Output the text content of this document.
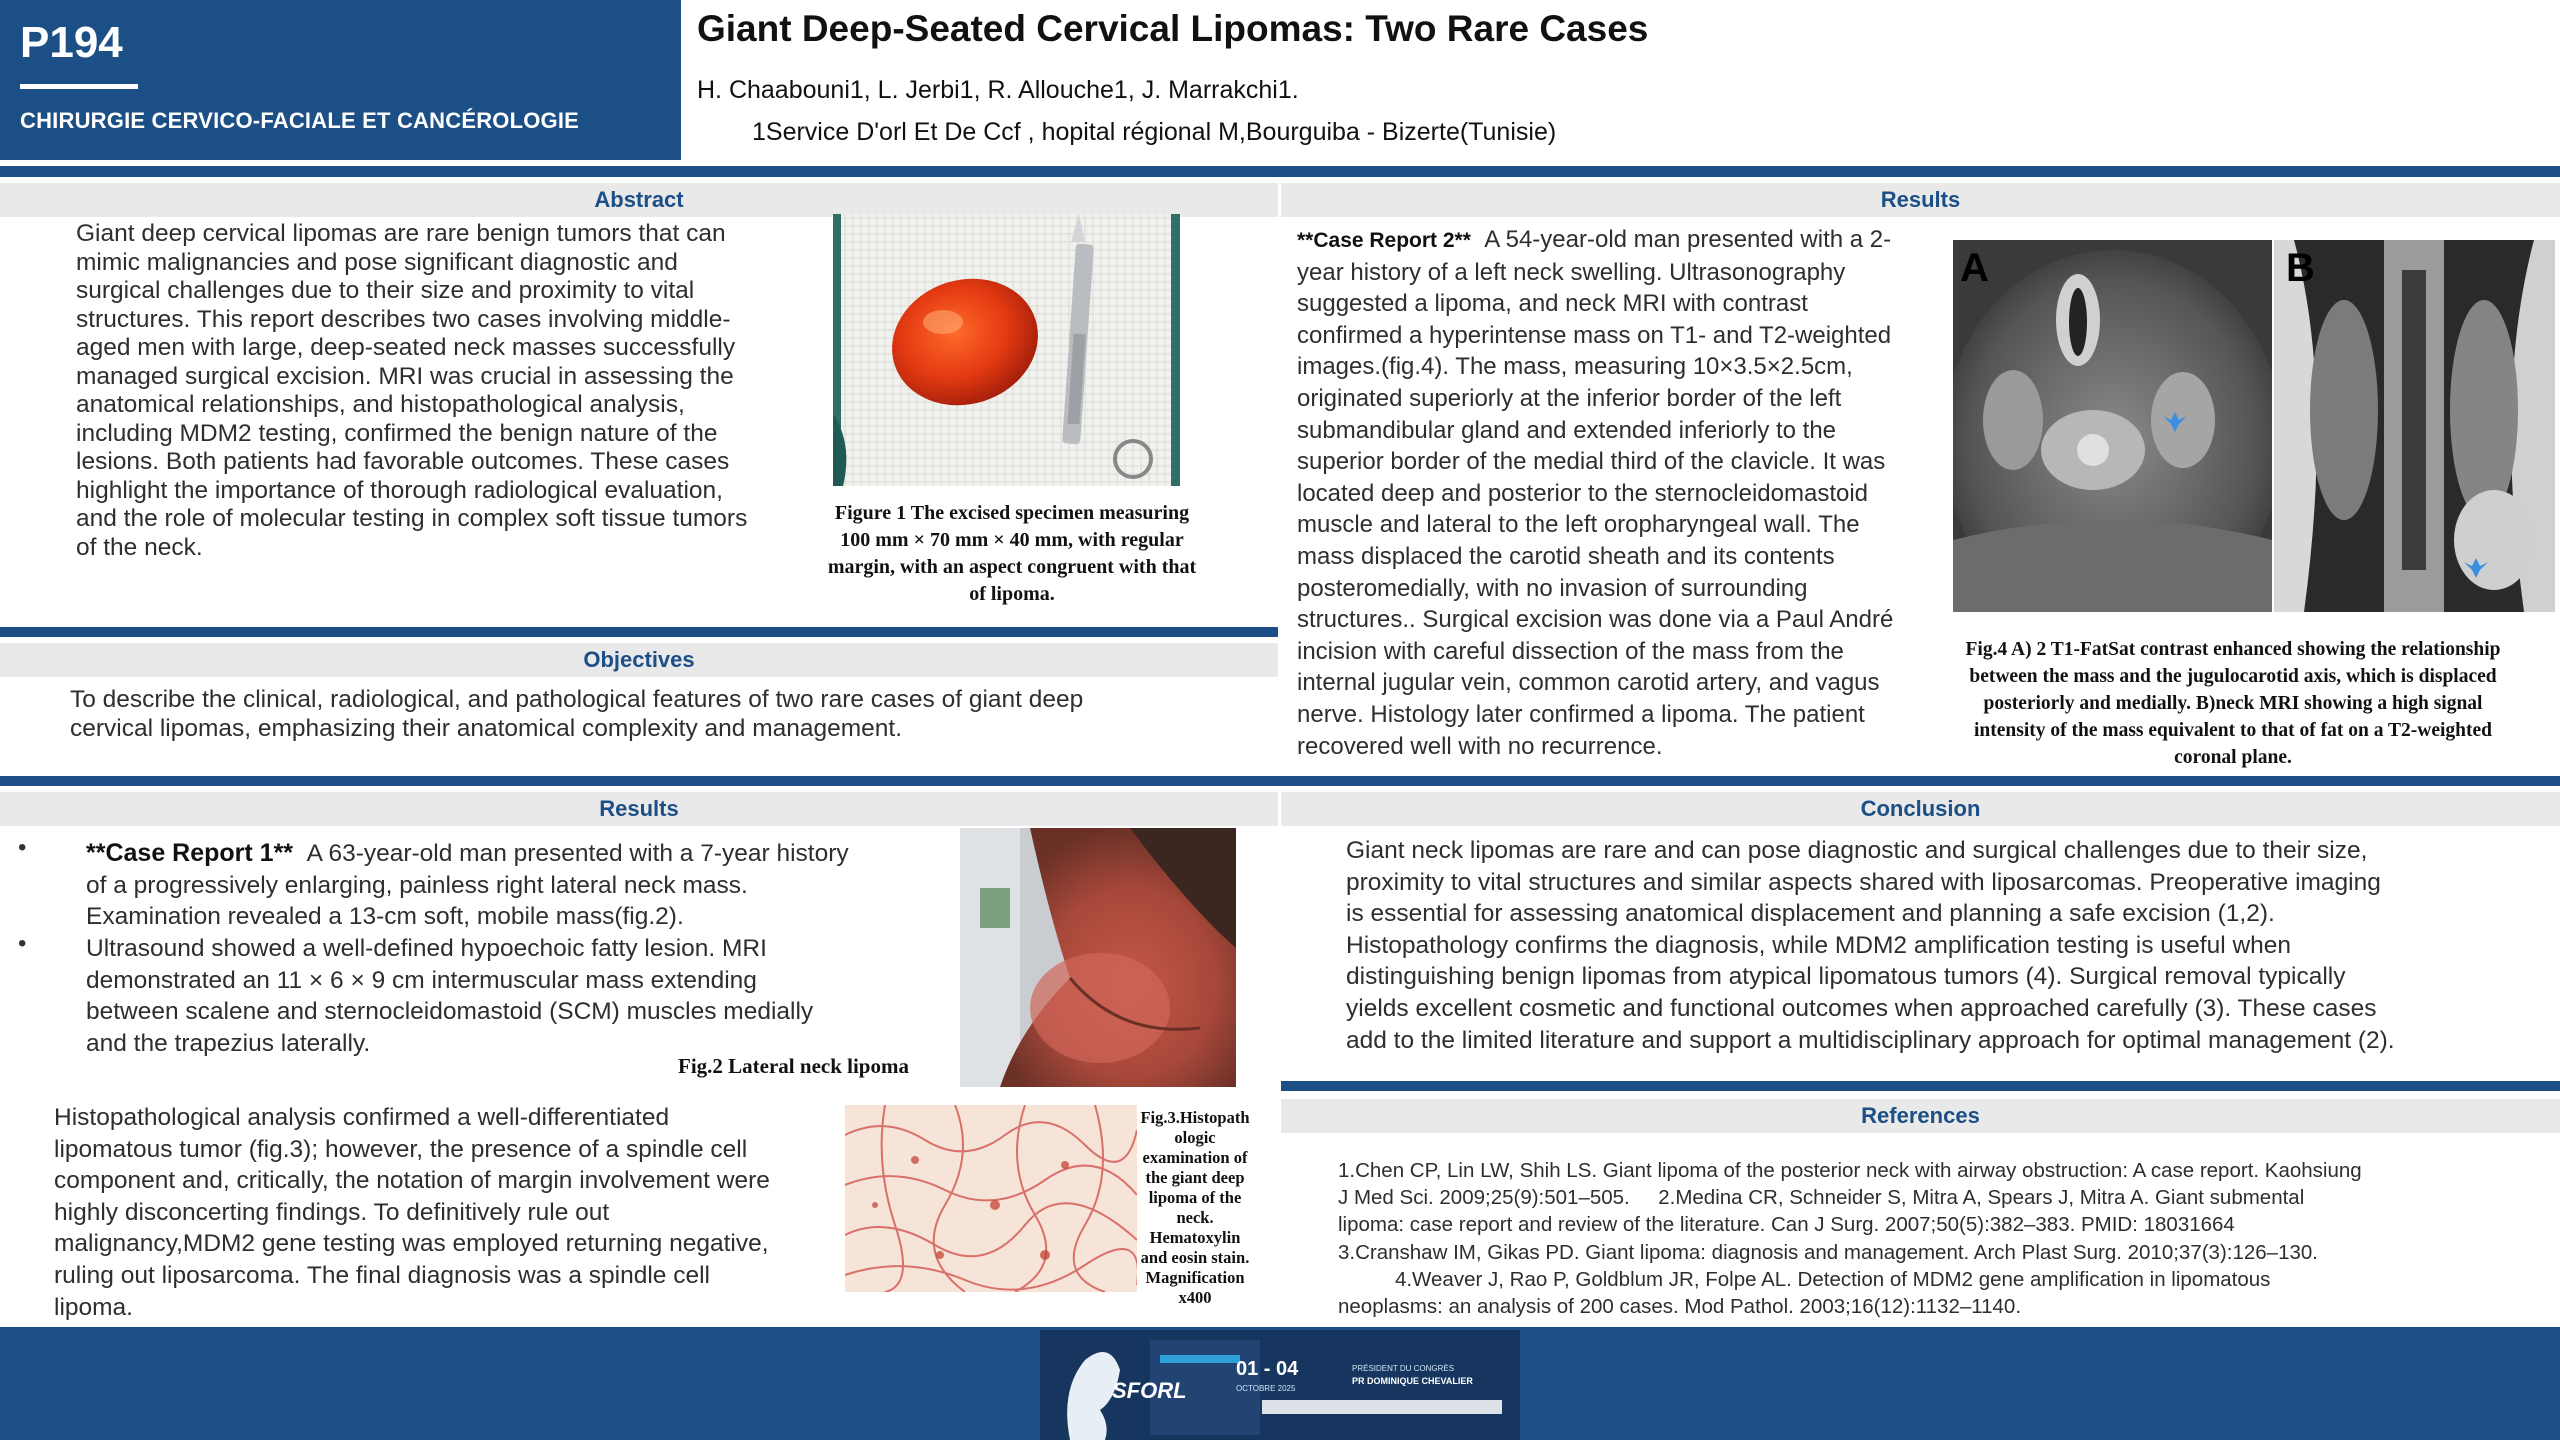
P194
CHIRURGIE CERVICO-FACIALE ET CANCÉROLOGIE
Giant Deep-Seated Cervical Lipomas: Two Rare Cases
H. Chaabouni1, L. Jerbi1, R. Allouche1, J. Marrakchi1.
1Service D'orl Et De Ccf , hopital régional M,Bourguiba - Bizerte(Tunisie)
Abstract
Giant deep cervical lipomas are rare benign tumors that can
mimic malignancies and pose significant diagnostic and
surgical challenges due to their size and proximity to vital
structures. This report describes two cases involving middle-
aged men with large, deep-seated neck masses successfully
managed surgical excision. MRI was crucial in assessing the
anatomical relationships, and histopathological analysis,
including MDM2 testing, confirmed the benign nature of the
lesions. Both patients had favorable outcomes. These cases
highlight the importance of thorough radiological evaluation,
and the role of molecular testing in complex soft tissue tumors
of the neck.
Figure 1 The excised specimen measuring
100 mm × 70 mm × 40 mm, with regular
margin, with an aspect congruent with that
of lipoma.
Objectives
To describe the clinical, radiological, and pathological features of two rare cases of giant deep
cervical lipomas, emphasizing their anatomical complexity and management.
Results
**Case Report 2** A 54-year-old man presented with a 2-
year history of a left neck swelling. Ultrasonography
suggested a lipoma, and neck MRI with contrast
confirmed a hyperintense mass on T1- and T2-weighted
images.(fig.4). The mass, measuring 10×3.5×2.5cm,
originated superiorly at the inferior border of the left
submandibular gland and extended inferiorly to the
superior border of the medial third of the clavicle. It was
located deep and posterior to the sternocleidomastoid
muscle and lateral to the left oropharyngeal wall. The
mass displaced the carotid sheath and its contents
posteromedially, with no invasion of surrounding
structures.. Surgical excision was done via a Paul André
incision with careful dissection of the mass from the
internal jugular vein, common carotid artery, and vagus
nerve. Histology later confirmed a lipoma. The patient
recovered well with no recurrence.
A	B
Fig.4 A) 2 T1-FatSat contrast enhanced showing the relationship
between the mass and the jugulocarotid axis, which is displaced
posteriorly and medially. B)neck MRI showing a high signal
intensity of the mass equivalent to that of fat on a T2-weighted
coronal plane.
Results
• **Case Report 1** A 63-year-old man presented with a 7-year history
of a progressively enlarging, painless right lateral neck mass.
Examination revealed a 13-cm soft, mobile mass(fig.2).
• Ultrasound showed a well-defined hypoechoic fatty lesion. MRI
demonstrated an 11 × 6 × 9 cm intermuscular mass extending
between scalene and sternocleidomastoid (SCM) muscles medially
and the trapezius laterally.
Fig.2 Lateral neck lipoma
Histopathological analysis confirmed a well-differentiated
lipomatous tumor (fig.3); however, the presence of a spindle cell
component and, critically, the notation of margin involvement were
highly disconcerting findings. To definitively rule out
malignancy,MDM2 gene testing was employed returning negative,
ruling out liposarcoma. The final diagnosis was a spindle cell
lipoma.
Fig.3.Histopath
ologic
examination of
the giant deep
lipoma of the
neck.
Hematoxylin
and eosin stain.
Magnification
x400
Conclusion
Giant neck lipomas are rare and can pose diagnostic and surgical challenges due to their size,
proximity to vital structures and similar aspects shared with liposarcomas. Preoperative imaging
is essential for assessing anatomical displacement and planning a safe excision (1,2).
Histopathology confirms the diagnosis, while MDM2 amplification testing is useful when
distinguishing benign lipomas from atypical lipomatous tumors (4). Surgical removal typically
yields excellent cosmetic and functional outcomes when approached carefully (3). These cases
add to the limited literature and support a multidisciplinary approach for optimal management (2).
References
1.Chen CP, Lin LW, Shih LS. Giant lipoma of the posterior neck with airway obstruction: A case report. Kaohsiung
J Med Sci. 2009;25(9):501–505.     2.Medina CR, Schneider S, Mitra A, Spears J, Mitra A. Giant submental
lipoma: case report and review of the literature. Can J Surg. 2007;50(5):382–383. PMID: 18031664
3.Cranshaw IM, Gikas PD. Giant lipoma: diagnosis and management. Arch Plast Surg. 2010;37(3):126–130.
4.Weaver J, Rao P, Goldblum JR, Folpe AL. Detection of MDM2 gene amplification in lipomatous
neoplasms: an analysis of 200 cases. Mod Pathol. 2003;16(12):1132–1140.
SFORL
01 - 04
OCTOBRE 2025
PRÉSIDENT DU CONGRÈS
PR DOMINIQUE CHEVALIER
